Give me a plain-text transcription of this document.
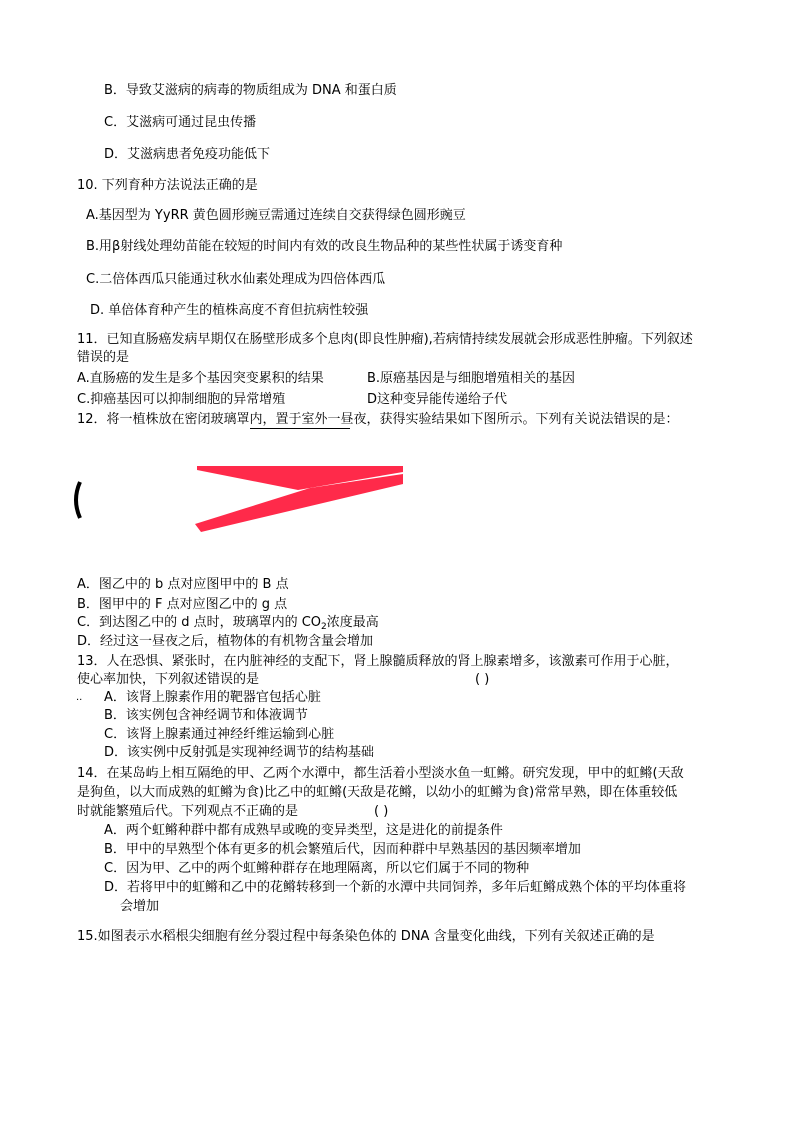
B．导致艾滋病的病毒的物质组成为 DNA 和蛋白质
C．艾滋病可通过昆虫传播
D．艾滋病患者免疫功能低下
10. 下列育种方法说法正确的是
A.基因型为 YyRR 黄色圆形豌豆需通过连续自交获得绿色圆形豌豆
B.用β射线处理幼苗能在较短的时间内有效的改良生物品种的某些性状属于诱变育种
C.二倍体西瓜只能通过秋水仙素处理成为四倍体西瓜
D. 单倍体育种产生的植株高度不育但抗病性较强
11．已知直肠癌发病早期仅在肠壁形成多个息肉(即良性肿瘤),若病情持续发展就会形成恶性肿瘤。下列叙述
错误的是
A.直肠癌的发生是多个基因突变累积的结果	B.原癌基因是与细胞增殖相关的基因
C.抑癌基因可以抑制细胞的异常增殖	D这种变异能传递给子代
12．将一植株放在密闭玻璃罩内，置于室外一昼夜，获得实验结果如下图所示。下列有关说法错误的是：
A．图乙中的 b 点对应图甲中的 B 点
B．图甲中的 F 点对应图乙中的 g 点
C．到达图乙中的 d 点时，玻璃罩内的 $CO_2$浓度最高
D．经过这一昼夜之后，植物体的有机物含量会增加
13．人在恐惧、紧张时，在内脏神经的支配下，肾上腺髓质释放的肾上腺素增多，该激素可作用于心脏，
使心率加快，下列叙述错误的是	( )
.. A．该肾上腺素作用的靶器官包括心脏
B．该实例包含神经调节和体液调节
C．该肾上腺素通过神经纤维运输到心脏
D．该实例中反射弧是实现神经调节的结构基础
14．在某岛屿上相互隔绝的甲、乙两个水潭中，都生活着小型淡水鱼一虹鳉。研究发现，甲中的虹鳉(天敌
是狗鱼，以大而成熟的虹鳉为食)比乙中的虹鳉(天敌是花鳉，以幼小的虹鳉为食)常常早熟，即在体重较低
时就能繁殖后代。下列观点不正确的是	( )
A．两个虹鳉种群中都有成熟早或晚的变异类型，这是进化的前提条件
B．甲中的早熟型个体有更多的机会繁殖后代，因而种群中早熟基因的基因频率增加
C．因为甲、乙中的两个虹鳉种群存在地理隔离，所以它们属于不同的物种
D．若将甲中的虹鳉和乙中的花鳉转移到一个新的水潭中共同饲养，多年后虹鳉成熟个体的平均体重将
会增加
15.如图表示水稻根尖细胞有丝分裂过程中每条染色体的 DNA 含量变化曲线，下列有关叙述正确的是
